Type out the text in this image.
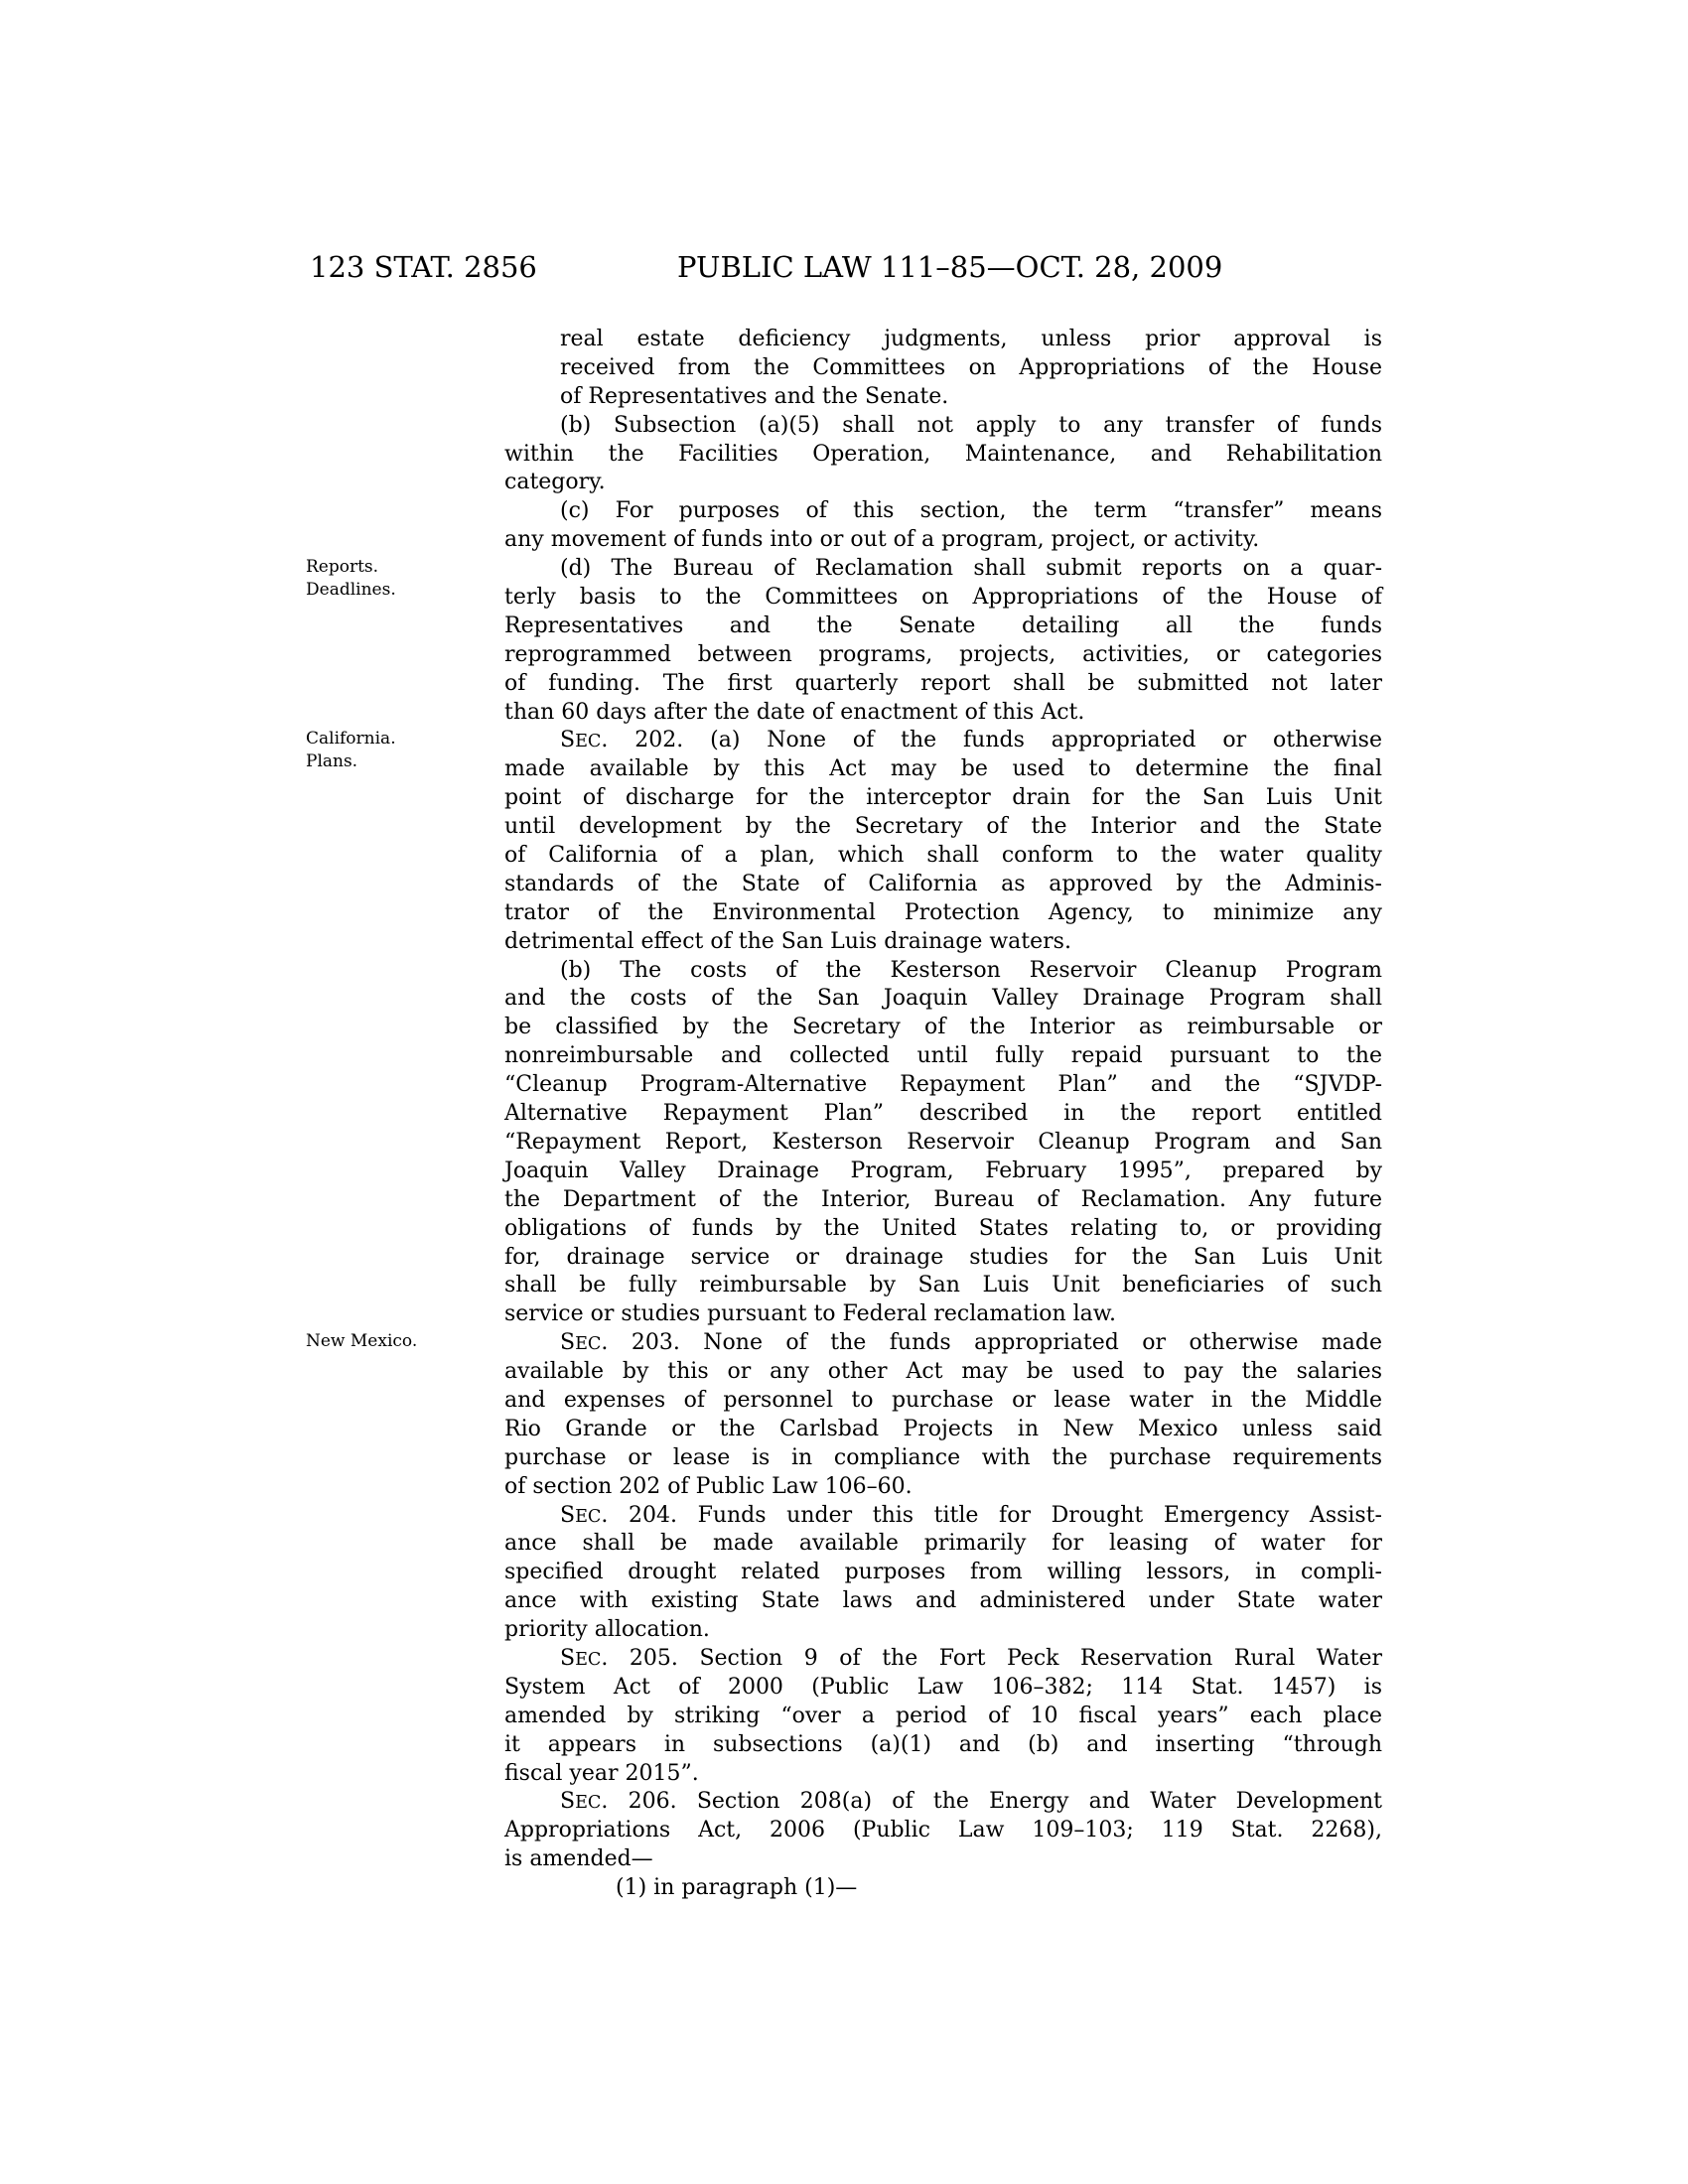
123 STAT. 2856	PUBLIC LAW 111–85—OCT. 28, 2009
Reports.
Deadlines.
California.
Plans.
New Mexico.
real estate deficiency judgments, unless prior approval is
received from the Committees on Appropriations of the House
of Representatives and the Senate.
(b) Subsection (a)(5) shall not apply to any transfer of funds
within the Facilities Operation, Maintenance, and Rehabilitation
category.
(c) For purposes of this section, the term “transfer” means
any movement of funds into or out of a program, project, or activity.
(d) The Bureau of Reclamation shall submit reports on a quar-
terly basis to the Committees on Appropriations of the House of
Representatives and the Senate detailing all the funds
reprogrammed between programs, projects, activities, or categories
of funding. The first quarterly report shall be submitted not later
than 60 days after the date of enactment of this Act.
SEC. 202. (a) None of the funds appropriated or otherwise
made available by this Act may be used to determine the final
point of discharge for the interceptor drain for the San Luis Unit
until development by the Secretary of the Interior and the State
of California of a plan, which shall conform to the water quality
standards of the State of California as approved by the Adminis-
trator of the Environmental Protection Agency, to minimize any
detrimental effect of the San Luis drainage waters.
(b) The costs of the Kesterson Reservoir Cleanup Program
and the costs of the San Joaquin Valley Drainage Program shall
be classified by the Secretary of the Interior as reimbursable or
nonreimbursable and collected until fully repaid pursuant to the
“Cleanup Program-Alternative Repayment Plan” and the “SJVDP-
Alternative Repayment Plan” described in the report entitled
“Repayment Report, Kesterson Reservoir Cleanup Program and San
Joaquin Valley Drainage Program, February 1995”, prepared by
the Department of the Interior, Bureau of Reclamation. Any future
obligations of funds by the United States relating to, or providing
for, drainage service or drainage studies for the San Luis Unit
shall be fully reimbursable by San Luis Unit beneficiaries of such
service or studies pursuant to Federal reclamation law.
SEC. 203. None of the funds appropriated or otherwise made
available by this or any other Act may be used to pay the salaries
and expenses of personnel to purchase or lease water in the Middle
Rio Grande or the Carlsbad Projects in New Mexico unless said
purchase or lease is in compliance with the purchase requirements
of section 202 of Public Law 106–60.
SEC. 204. Funds under this title for Drought Emergency Assist-
ance shall be made available primarily for leasing of water for
specified drought related purposes from willing lessors, in compli-
ance with existing State laws and administered under State water
priority allocation.
SEC. 205. Section 9 of the Fort Peck Reservation Rural Water
System Act of 2000 (Public Law 106–382; 114 Stat. 1457) is
amended by striking “over a period of 10 fiscal years” each place
it appears in subsections (a)(1) and (b) and inserting “through
fiscal year 2015”.
SEC. 206. Section 208(a) of the Energy and Water Development
Appropriations Act, 2006 (Public Law 109–103; 119 Stat. 2268),
is amended—
(1) in paragraph (1)—
